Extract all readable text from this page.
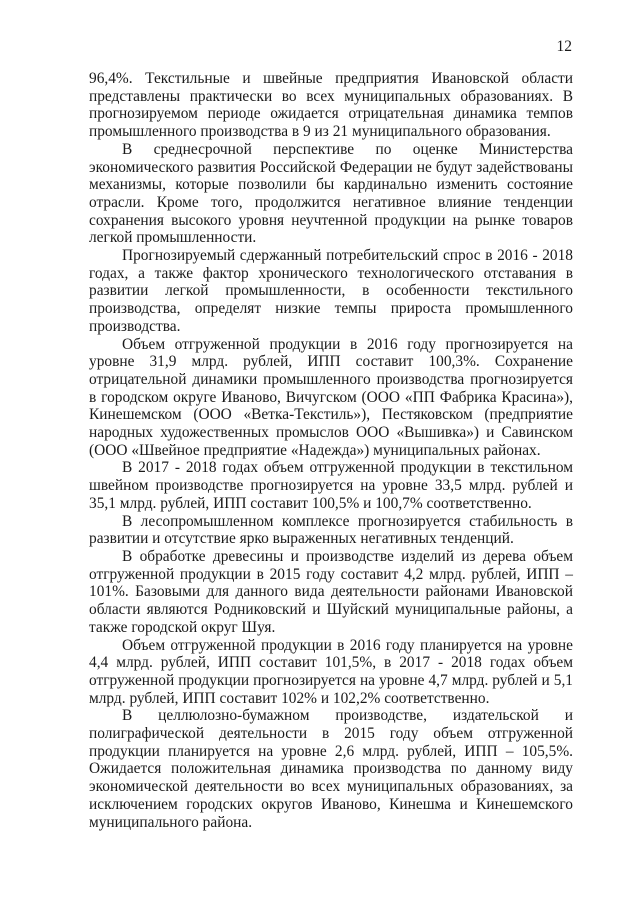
12

96,4%. Текстильные и швейные предприятия Ивановской области представлены практически во всех муниципальных образованиях. В прогнозируемом периоде ожидается отрицательная динамика темпов промышленного производства в 9 из 21 муниципального образования.

В среднесрочной перспективе по оценке Министерства экономического развития Российской Федерации не будут задействованы механизмы, которые позволили бы кардинально изменить состояние отрасли. Кроме того, продолжится негативное влияние тенденции сохранения высокого уровня неучтенной продукции на рынке товаров легкой промышленности.

Прогнозируемый сдержанный потребительский спрос в 2016 - 2018 годах, а также фактор хронического технологического отставания в развитии легкой промышленности, в особенности текстильного производства, определят низкие темпы прироста промышленного производства.

Объем отгруженной продукции в 2016 году прогнозируется на уровне 31,9 млрд. рублей, ИПП составит 100,3%. Сохранение отрицательной динамики промышленного производства прогнозируется в городском округе Иваново, Вичугском (ООО «ПП Фабрика Красина»), Кинешемском (ООО «Ветка-Текстиль»), Пестяковском (предприятие народных художественных промыслов ООО «Вышивка») и Савинском (ООО «Швейное предприятие «Надежда») муниципальных районах.

В 2017 - 2018 годах объем отгруженной продукции в текстильном швейном производстве прогнозируется на уровне 33,5 млрд. рублей и 35,1 млрд. рублей, ИПП составит 100,5% и 100,7% соответственно.

В лесопромышленном комплексе прогнозируется стабильность в развитии и отсутствие ярко выраженных негативных тенденций.

В обработке древесины и производстве изделий из дерева объем отгруженной продукции в 2015 году составит 4,2 млрд. рублей, ИПП – 101%. Базовыми для данного вида деятельности районами Ивановской области являются Родниковский и Шуйский муниципальные районы, а также городской округ Шуя.

Объем отгруженной продукции в 2016 году планируется на уровне 4,4 млрд. рублей, ИПП составит 101,5%, в 2017 - 2018 годах объем отгруженной продукции прогнозируется на уровне 4,7 млрд. рублей и 5,1 млрд. рублей, ИПП составит 102% и 102,2% соответственно.

В целлюлозно-бумажном производстве, издательской и полиграфической деятельности в 2015 году объем отгруженной продукции планируется на уровне 2,6 млрд. рублей, ИПП – 105,5%. Ожидается положительная динамика производства по данному виду экономической деятельности во всех муниципальных образованиях, за исключением городских округов Иваново, Кинешма и Кинешемского муниципального района.
